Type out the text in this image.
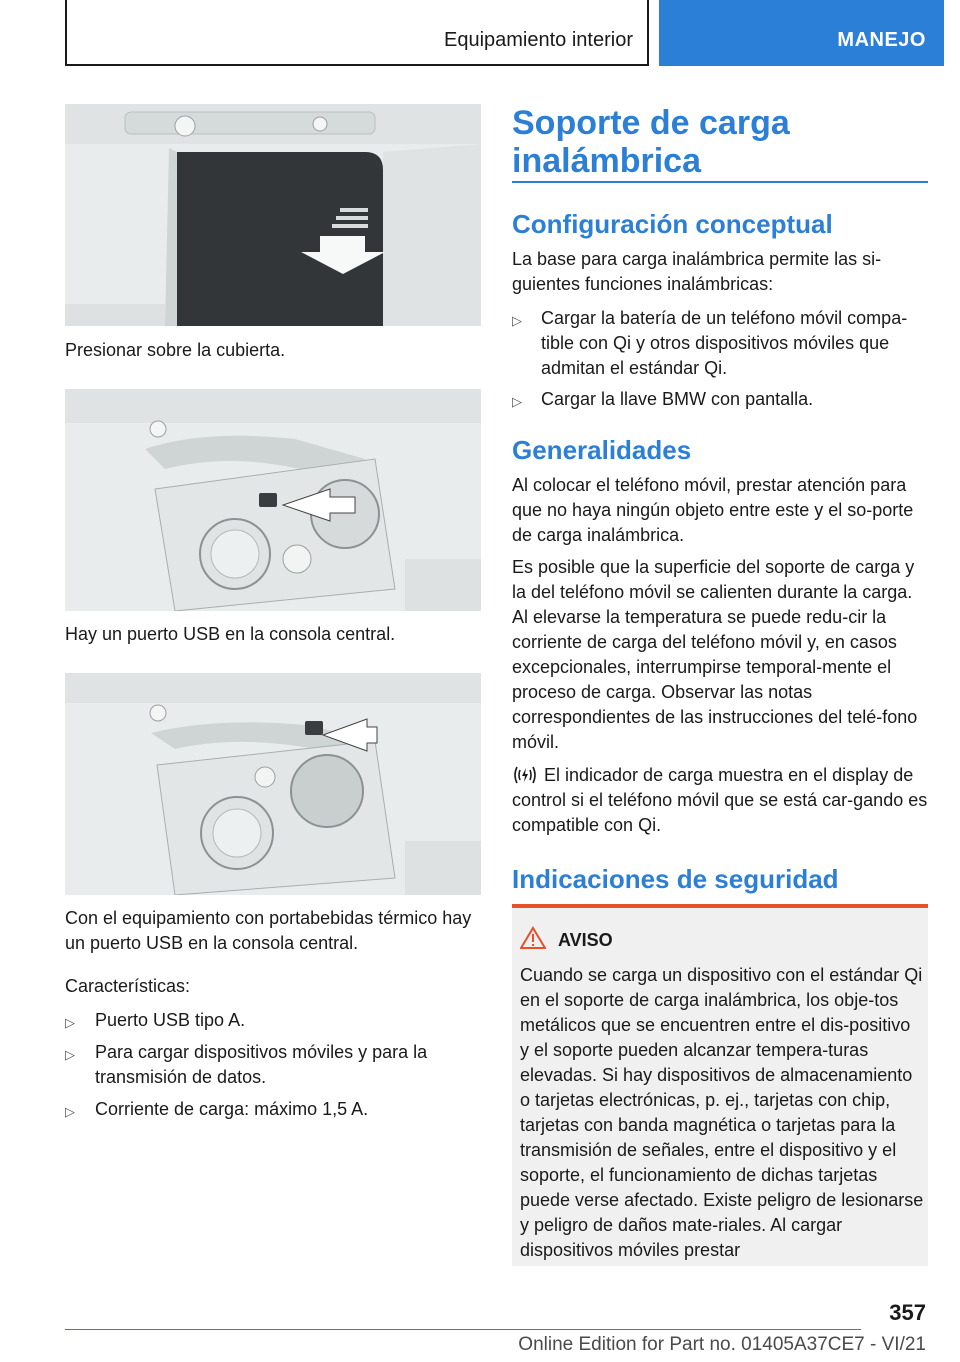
Equipamiento interior	MANEJO
Presionar sobre la cubierta.
Hay un puerto USB en la consola central.
Con el equipamiento con portabebidas térmico hay un puerto USB en la consola central.
Características:
▷	Puerto USB tipo A.
▷	Para cargar dispositivos móviles y para la transmisión de datos.
▷	Corriente de carga: máximo 1,5 A.
Soporte de carga inalámbrica
Configuración conceptual
La base para carga inalámbrica permite las si-guientes funciones inalámbricas:
▷	Cargar la batería de un teléfono móvil compa-tible con Qi y otros dispositivos móviles que admitan el estándar Qi.
▷	Cargar la llave BMW con pantalla.
Generalidades
Al colocar el teléfono móvil, prestar atención para que no haya ningún objeto entre este y el so-porte de carga inalámbrica.
Es posible que la superficie del soporte de carga y la del teléfono móvil se calienten durante la carga. Al elevarse la temperatura se puede redu-cir la corriente de carga del teléfono móvil y, en casos excepcionales, interrumpirse temporal-mente el proceso de carga. Observar las notas correspondientes de las instrucciones del telé-fono móvil.
El indicador de carga muestra en el display de control si el teléfono móvil que se está car-gando es compatible con Qi.
Indicaciones de seguridad
AVISO
Cuando se carga un dispositivo con el estándar Qi en el soporte de carga inalámbrica, los obje-tos metálicos que se encuentren entre el dis-positivo y el soporte pueden alcanzar tempera-turas elevadas. Si hay dispositivos de almacenamiento o tarjetas electrónicas, p. ej., tarjetas con chip, tarjetas con banda magnética o tarjetas para la transmisión de señales, entre el dispositivo y el soporte, el funcionamiento de dichas tarjetas puede verse afectado. Existe peligro de lesionarse y peligro de daños mate-riales. Al cargar dispositivos móviles prestar
357
Online Edition for Part no. 01405A37CE7 - VI/21
